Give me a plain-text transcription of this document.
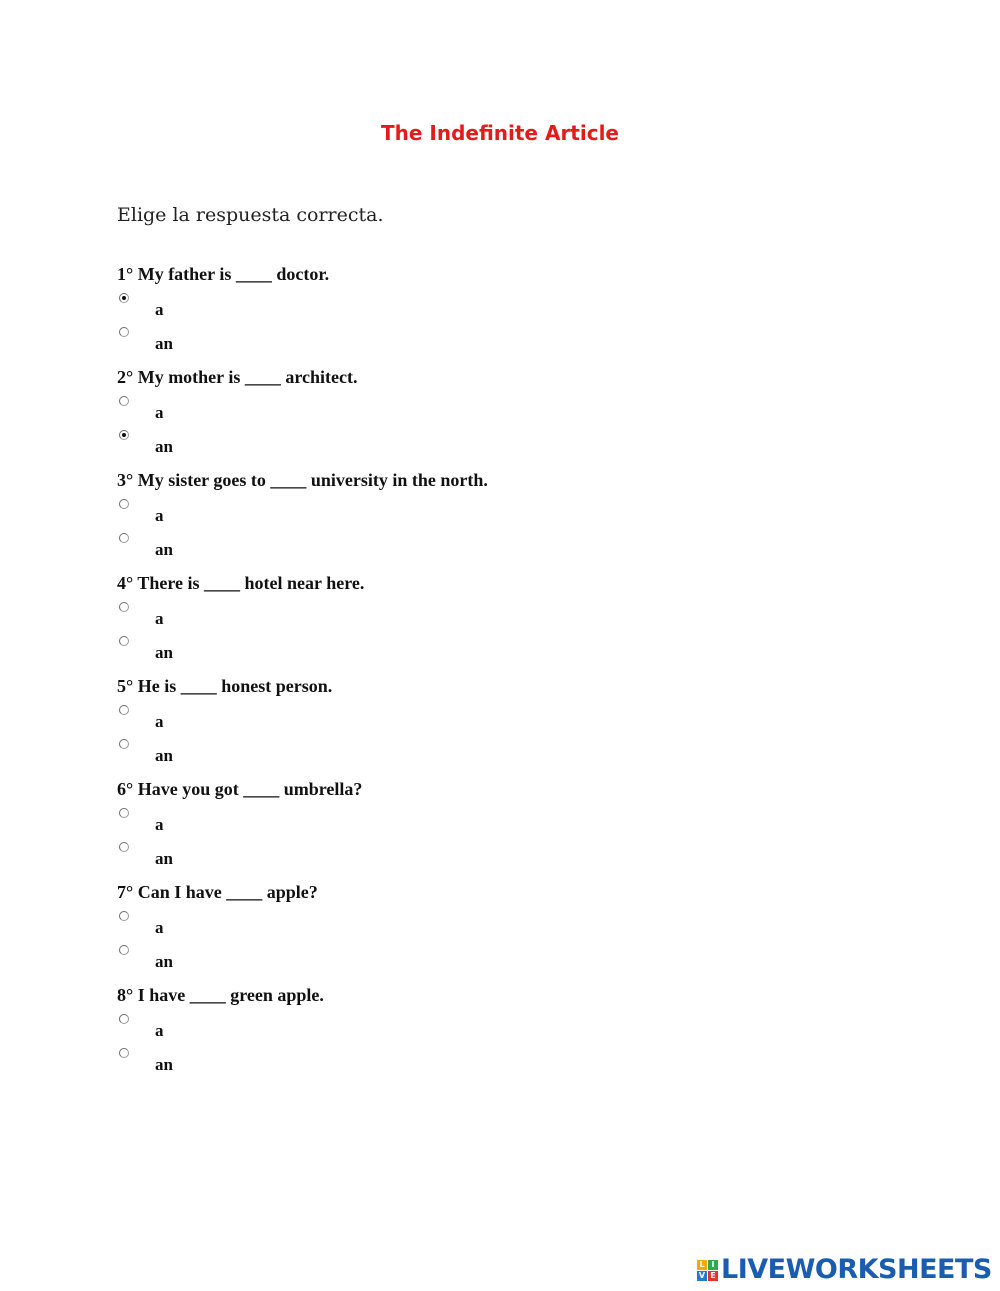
The Indefinite Article
Elige la respuesta correcta.
1° My father is ____ doctor.
a
an
2° My mother is ____ architect.
a
an
3° My sister goes to ____ university in the north.
a
an
4° There is ____ hotel near here.
a
an
5° He is ____ honest person.
a
an
6° Have you got ____ umbrella?
a
an
7° Can I have ____ apple?
a
an
8° I have ____ green apple.
a
an
L I
V E LIVEWORKSHEETS
